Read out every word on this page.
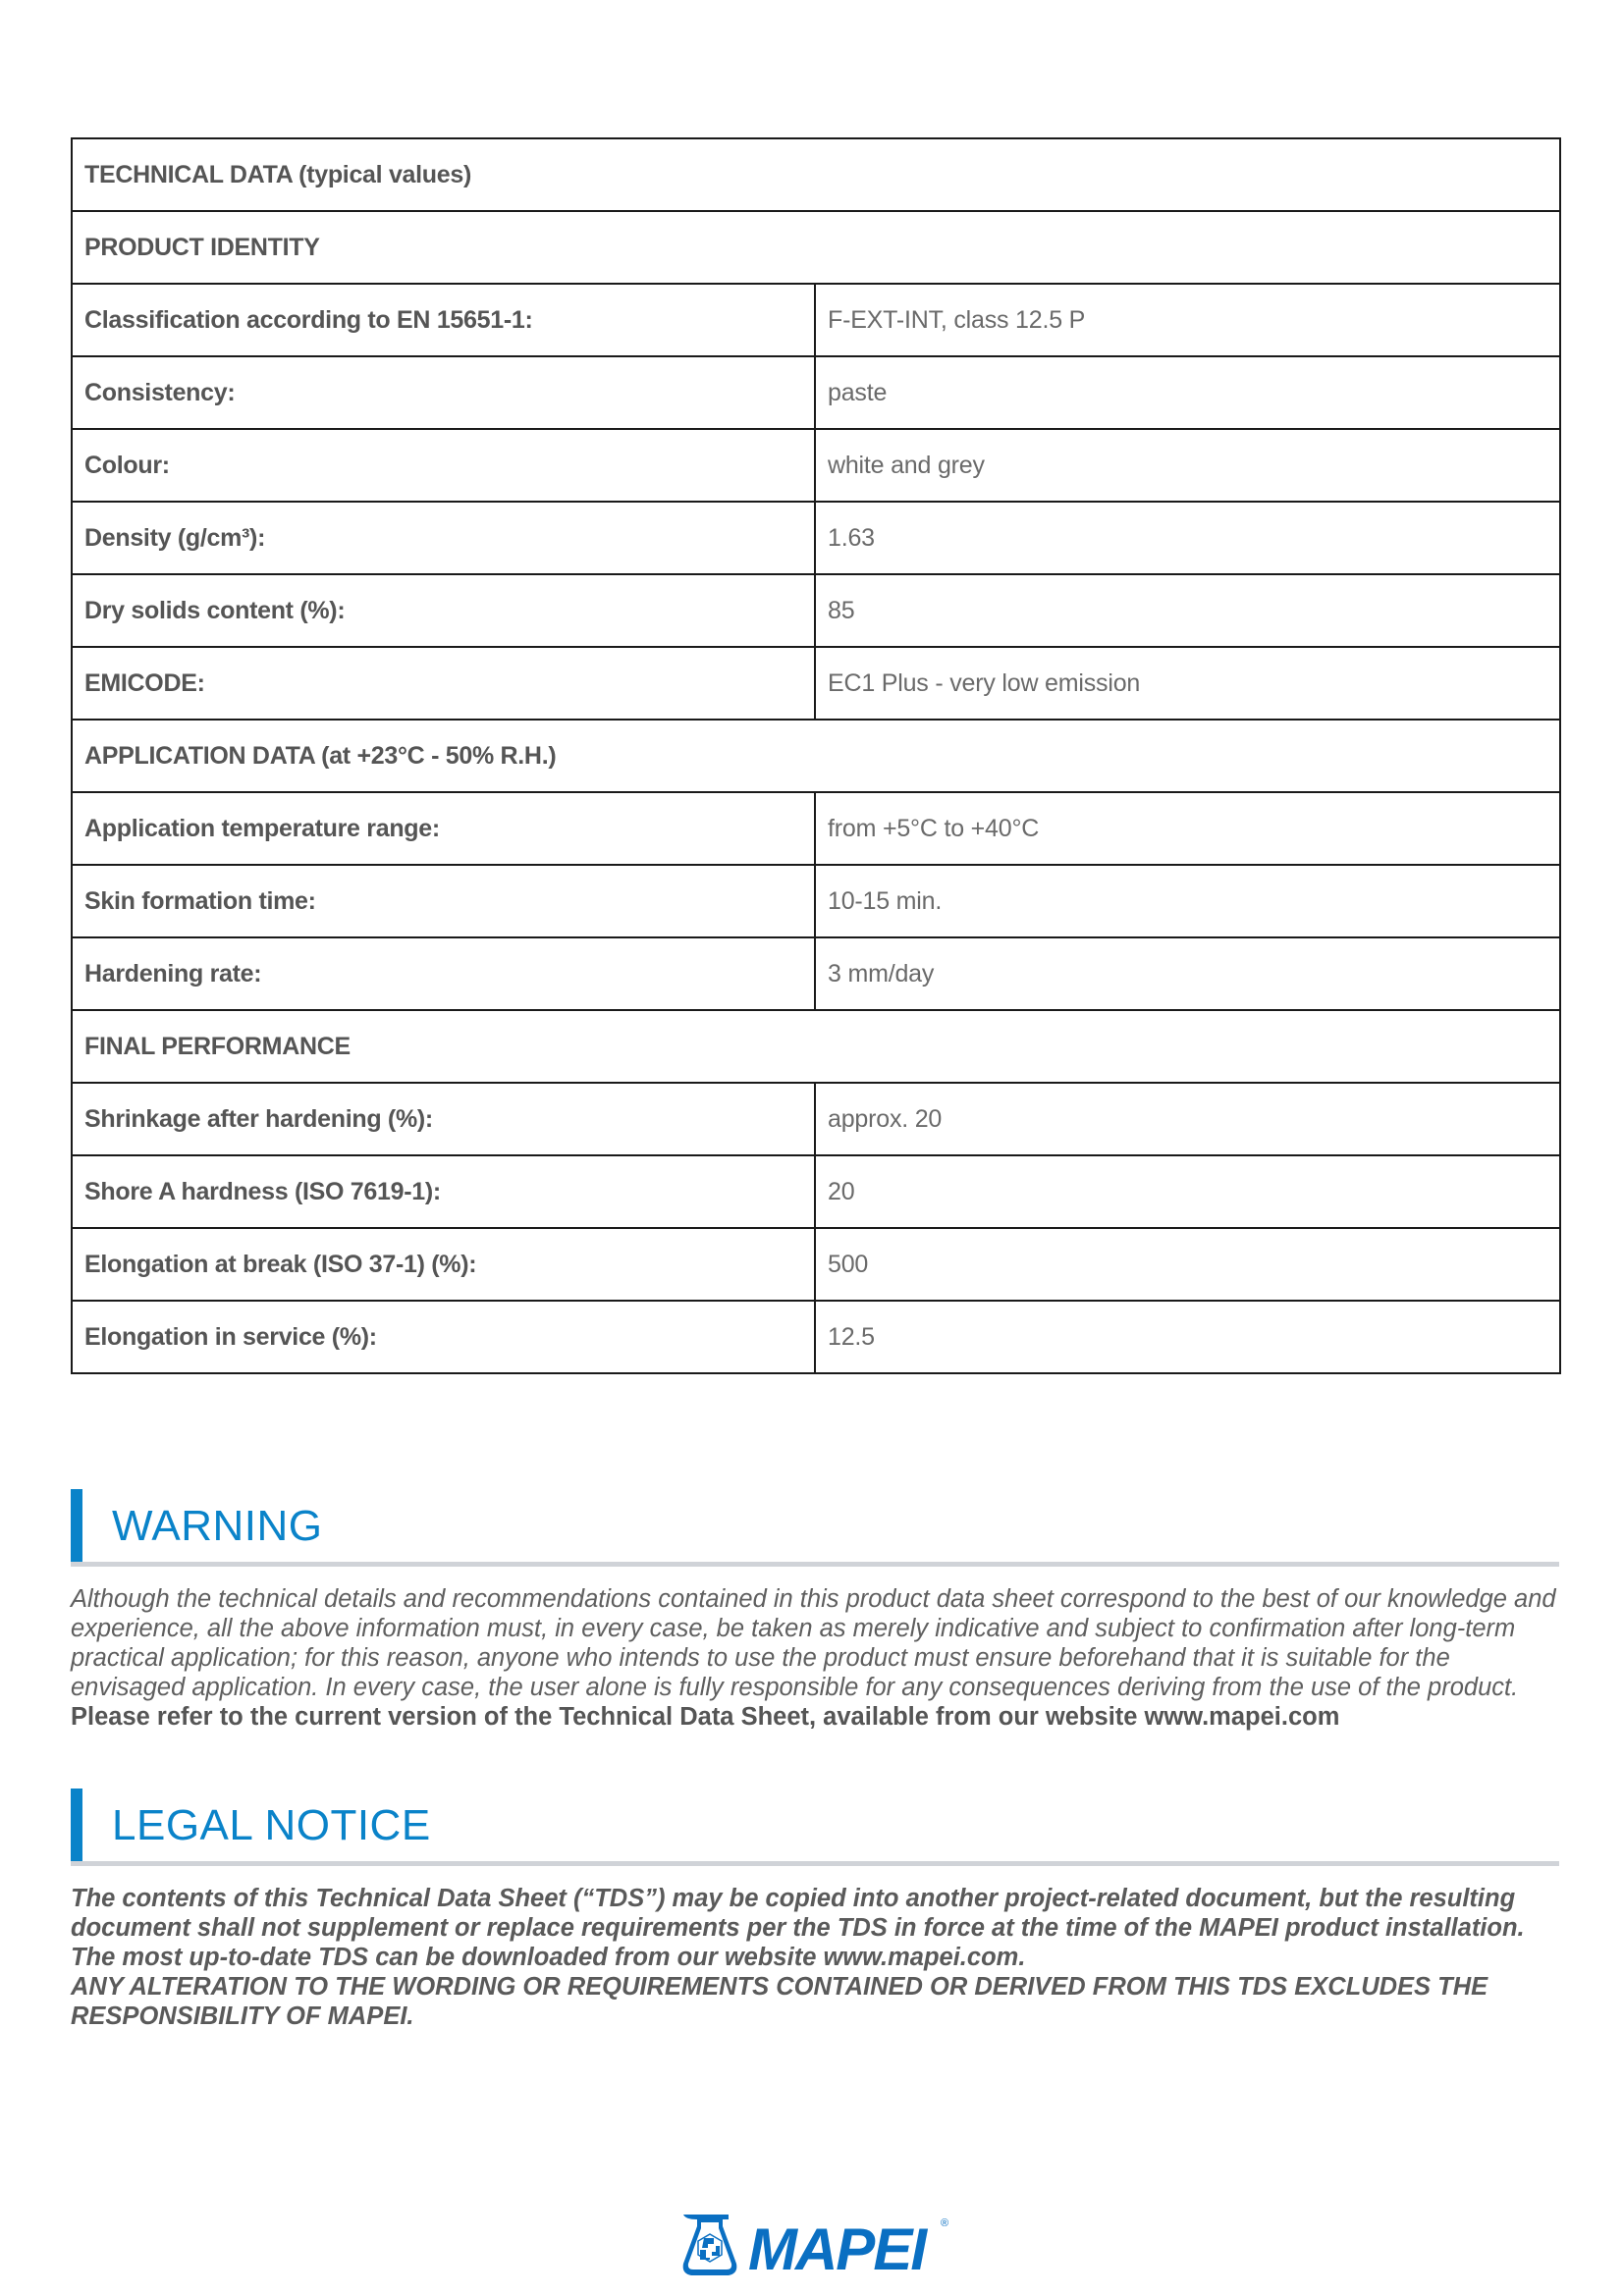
TECHNICAL DATA (typical values)	
PRODUCT IDENTITY	
Classification according to EN 15651-1:	F-EXT-INT, class 12.5 P
Consistency:	paste
Colour:	white and grey
Density (g/cm³):	1.63
Dry solids content (%):	85
EMICODE:	EC1 Plus - very low emission
APPLICATION DATA (at +23°C - 50% R.H.)	
Application temperature range:	from +5°C to +40°C
Skin formation time:	10-15 min.
Hardening rate:	3 mm/day
FINAL PERFORMANCE	
Shrinkage after hardening (%):	approx. 20
Shore A hardness (ISO 7619-1):	20
Elongation at break (ISO 37-1) (%):	500
Elongation in service (%):	12.5
WARNING
Although the technical details and recommendations contained in this product data sheet correspond to the best of our knowledge and experience, all the above information must, in every case, be taken as merely indicative and subject to confirmation after long-term practical application; for this reason, anyone who intends to use the product must ensure beforehand that it is suitable for the envisaged application. In every case, the user alone is fully responsible for any consequences deriving from the use of the product.
Please refer to the current version of the Technical Data Sheet, available from our website www.mapei.com
LEGAL NOTICE
The contents of this Technical Data Sheet (“TDS”) may be copied into another project-related document, but the resulting document shall not supplement or replace requirements per the TDS in force at the time of the MAPEI product installation.
The most up-to-date TDS can be downloaded from our website www.mapei.com.
ANY ALTERATION TO THE WORDING OR REQUIREMENTS CONTAINED OR DERIVED FROM THIS TDS EXCLUDES THE RESPONSIBILITY OF MAPEI.
MAPEI	®
